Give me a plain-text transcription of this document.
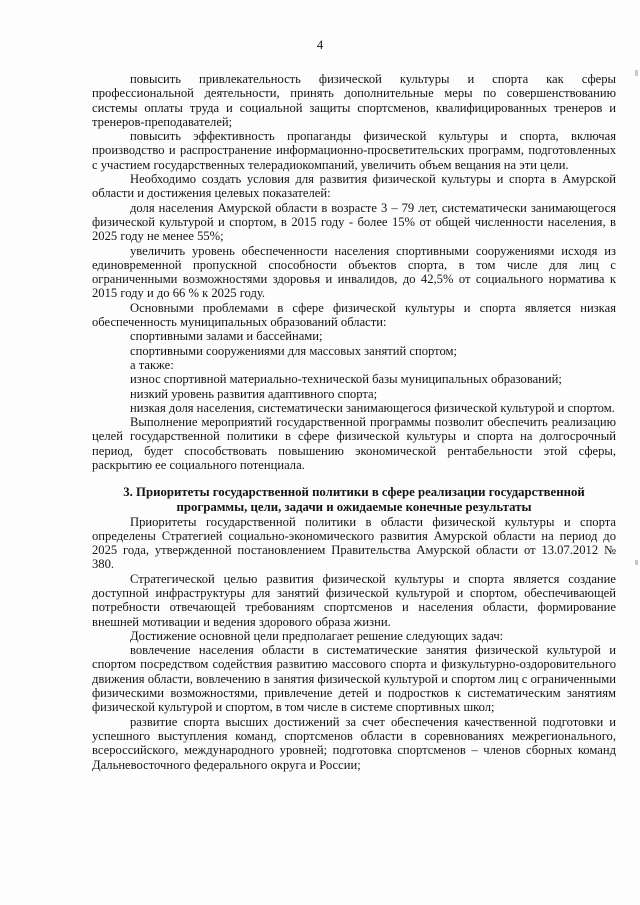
4

повысить привлекательность физической культуры и спорта как сферы профессиональной деятельности, принять дополнительные меры по совершенствованию системы оплаты труда и социальной защиты спортсменов, квалифицированных тренеров и тренеров-преподавателей;

повысить эффективность пропаганды физической культуры и спорта, включая производство и распространение информационно-просветительских программ, подготовленных с участием государственных телерадиокомпаний, увеличить объем вещания на эти цели.

Необходимо создать условия для развития физической культуры и спорта в Амурской области и достижения целевых показателей:

доля населения Амурской области в возрасте 3 – 79 лет, систематически занимающегося физической культурой и спортом, в 2015 году - более 15% от общей численности населения, в 2025 году не менее 55%;

увеличить уровень обеспеченности населения спортивными сооружениями исходя из единовременной пропускной способности объектов спорта, в том числе для лиц с ограниченными возможностями здоровья и инвалидов, до 42,5% от социального норматива к 2015 году и до 66 % к 2025 году.

Основными проблемами в сфере физической культуры и спорта является низкая обеспеченность муниципальных образований области:

спортивными залами и бассейнами;

спортивными сооружениями для массовых занятий спортом;

а также:

износ спортивной материально-технической базы муниципальных образований;

низкий уровень развития адаптивного спорта;

низкая доля населения, систематически занимающегося физической культурой и спортом.

Выполнение мероприятий государственной программы позволит обеспечить реализацию целей государственной политики в сфере физической культуры и спорта на долгосрочный период, будет способствовать повышению экономической рентабельности этой сферы, раскрытию ее социального потенциала.

3. Приоритеты государственной политики в сфере реализации государственной программы, цели, задачи и ожидаемые конечные результаты

Приоритеты государственной политики в области физической культуры и спорта определены Стратегией социально-экономического развития Амурской области на период до 2025 года, утвержденной постановлением Правительства Амурской области от 13.07.2012 № 380.

Стратегической целью развития физической культуры и спорта является создание доступной инфраструктуры для занятий физической культурой и спортом, обеспечивающей потребности отвечающей требованиям спортсменов и населения области, формирование внешней мотивации и ведения здорового образа жизни.

Достижение основной цели предполагает решение следующих задач:

вовлечение населения области в систематические занятия физической культурой и спортом посредством содействия развитию массового спорта и физкультурно-оздоровительного движения области, вовлечению в занятия физической культурой и спортом лиц с ограниченными физическими возможностями, привлечение детей и подростков к систематическим занятиям физической культурой и спортом, в том числе в системе спортивных школ;

развитие спорта высших достижений за счет обеспечения качественной подготовки и успешного выступления команд, спортсменов области в соревнованиях межрегионального, всероссийского, международного уровней; подготовка спортсменов – членов сборных команд Дальневосточного федерального округа и России;
